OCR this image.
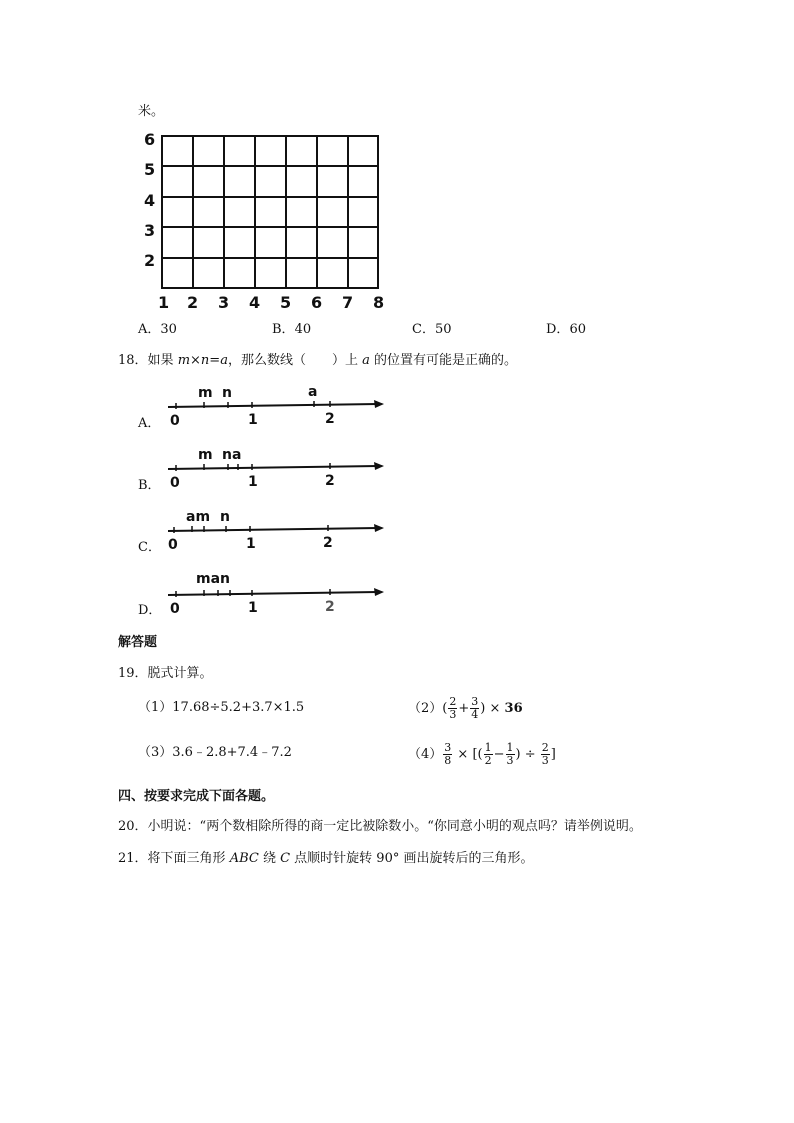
米。
6
5
4
3
2
1 2 3 4 5 6 7 8
A．30	B．40	C．50	D．60
18．如果 m×n=a，那么数线（　　）上 a 的位置有可能是正确的。
A．
m n	a
0	1	2
B．
m na
0	1	2
C．
am n
0	1	2
D．
man
0	1	2
解答题
19．脱式计算。
（1）17.68÷5.2+3.7×1.5	（2） ( $\frac{2}{3} + \frac{3}{4}$ )
×
36
（3）3.6﹣2.8+7.4﹣7.2	$(4) \frac{3}{8}$
×
[( $\frac{1}{2} - \frac{1}{3}$ )
÷
$\frac{2}{3}$ ]
四、按要求完成下面各题。
20．小明说：“两个数相除所得的商一定比被除数小。“你同意小明的观点吗？请举例说明。
21．将下面三角形 ABC 绕 C 点顺时针旋转 90° 画出旋转后的三角形。
